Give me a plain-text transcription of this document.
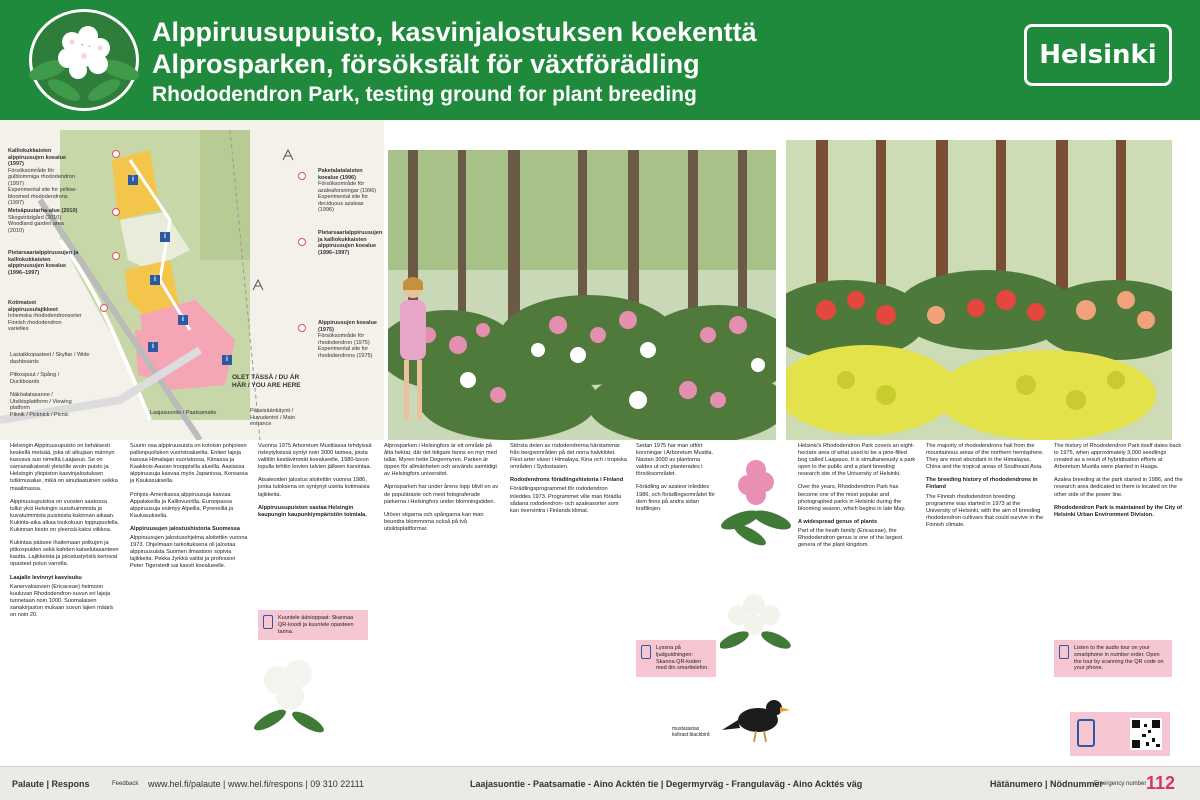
Alppiruusupuisto, kasvinjalostuksen koekenttä
Alprosparken, försöksfält för växtförädling
Rhododendron Park, testing ground for plant breeding
Helsinki
Kalliokukkaisten alppiruusujen koealue (1997)
Försöksområde för gulblommiga rhododendron (1997)
Experimental site for yellow-bloomed rhododendrons (1997)
Metsäpuutarha-alue (2010)
Skogsträdgård (2010)
Woodland garden area (2010)
Pietarsaarialppiruusujen ja kalliokukkaisten alppiruusujen koealue (1996–1997)
Kotimaiset alppiruusulajikkeet
Inhemska rhododendronsorter
Finnish rhododendron varieties
Paketalatalaisten koealue (1996)
Försöksområde för azaleaforsningar (1996)
Experimental site for deciduous azaleas (1996)
Pietarsaarialppiruusujen ja kalliokukkaisten alppiruusujen koealue (1996–1997)
Alppiruusujen koealue (1975)
Försöksområde för rhododendron (1975)
Experimental site for rhododendrons (1975)
Laajasuontie / Paatsamatie	Pääsisäänkäynti / Huvudentré / Main entrance
i
i
i
i
i
i
OLET TÄSSÄ / DU ÄR HÄR / YOU ARE HERE
Lasiaikkopasteet / Skyltar / Wide dashboards
Pitkospuut / Spång / Duckboards
Näköalatasanne / Utsiktsplattform / Viewing platform
Piknik / Picknick / Picnic
mustarastas koltrast blackbird

Helsingin Alppiruusupuisto on kehäisesti keskellä metsää, joka oli alkujaan männyn kasvava suo nimeltä Laajasuo. Se on samanaikaisesti yleisölle avoin puisto ja Helsingin yliopiston kasvinjalostuksen tutkimusalue, mikä on ainutlaatuinen seikka maailmassa.

Alppiruusupuistoa on vuosien saatossa tullut yksi Helsingin suosituimmista ja kuvatuimmista puistoista kukinnan aikaan. Kukinta-aika alkaa toukokuun loppupuolella. Kukinnan kesto on yleensä kaksi viikkoa.

Kukintaa pääsee ihailemaan polkujen ja pitkospuiden sekä kahden katselutasanteen kautta. Lajikkeista ja jalostustyöstä kertovat opasteet polun varrella.

Laajalle levinnyt kasvisuku

Kanervakasvien (Ericaceae) heimoon kuuluvan Rhododendron-suvun eri lajeja tunnetaan noin 1000. Suomalaisen sanakirjaston mukaan suvun lajien määrä on noin 20.

Suurin osa alppiruusuista on kotoisin pohjoisen pallonpuoliskon vuoristoalueilta. Eniten lajeja kasvaa Himalajan vuoristossa, Kiinassa ja Kaakkois-Aasian trooppisilla alueilla. Aasiassa alppiruusuja kasvaa myös Japanissa, Koreassa ja Kaukasuksella.

Pohjois-Amerikassa alppiruusuja kasvaa Appalakeilla ja Kalliovuorilla. Euroopassa alppiruusuja esiintyy Alpeilla, Pyreneillä ja Kaukasuksella.

Alppiruusujen jalostushistoria Suomessa

Alppiruusujen jalostusohjelma aloitettiin vuonna 1973. Ohjelmaan tarkoituksena oli jalostaa alppiruusuista Suomen ilmastoon sopivia lajikkeita. Pekka Jyrkkä valitsi ja professori Peter Tigerstedt sai kasvit koealueelle.

Vuonna 1975 Arboretum Mustilassa tehdyissä risteytyksissä syntyi noin 3000 taimea, joista valittiin kestävimmät koealueelle. 1980-luvun lopulla tehtiin kovien talvien jälkeen karsintaa.

Atsaleoiden jalostus aloitettiin vuonna 1986, jonka tuloksena on syntynyt useita kotimaisia lajikkeita.

Alppiruusupuiston sastaa Helsingin kaupungin kaupunkiympäristön toimiala.
Kuuntele äänioppaat: Skannaa QR-koodi ja kuuntele opasteen tarina.

Alprosparken i Helsingfors är ett område på åtta hektar, där det tidigare fanns en myr med tallar. Myren hette Degermyren. Parken är öppen för allmänheten och används samtidigt av Helsingfors universitet.

Alprosparken har under årens lopp blivit en av de populäraste och mest fotograferade parkerna i Helsingfors under blomningstiden.

Utöver stigarna och spångarna kan man beundra blommorna också på två utsiktsplattformar.

Största delen av rododendrerna härstammar från bergsområden på det norra halvklotet. Flest arter växer i Himalaya, Kina och i tropiska områden i Sydostasien.

Rododendrons förädlingshistoria i Finland

Förädlingsprogrammet för rododendron inleddes 1973. Programmet ville man förädla sådana rododendron- och azaleasorter som kan övervintra i Finlands klimat.

Sedan 1975 har man utfört korsningar i Arboretum Mustila. Nästan 3000 av plantorna valdes ut och planterades i försöksområdet.

Förädling av azaleor inleddes 1986, och förädlingsområdet för dem finns på andra sidan kraftlinjen.

Lyssna på ljudguidningen: Skanna QR-koden med din smarttelefon.

Helsinki's Rhododendron Park covers an eight-hectare area of what used to be a pine-filled bog called Laajasuo. It is simultaneously a park open to the public and a plant breeding research site of the University of Helsinki.

Over the years, Rhododendron Park has become one of the most popular and photographed parks in Helsinki during the blooming season, which begins in late May.

A widespread genus of plants

Part of the heath family (Ericaceae), the Rhododendron genus is one of the largest genera of the plant kingdom.

The majority of rhododendrons hail from the mountainous areas of the northern hemisphere. They are most abundant in the Himalayas, China and the tropical areas of Southeast Asia.

The breeding history of rhododendrons in Finland

The Finnish rhododendron breeding programme was started in 1973 at the University of Helsinki, with the aim of breeding rhododendron cultivars that could survive in the Finnish climate.

The history of Rhododendron Park itself dates back to 1975, when approximately 3,000 seedlings created as a result of hybridisation efforts at Arboretum Mustila were planted in Haaga.

Azalea breeding at the park started in 1986, and the research area dedicated to them is located on the other side of the power line.

Rhododendron Park is maintained by the City of Helsinki Urban Environment Division.
Listen to the audio tour on your smartphone in number order. Open the tour by scanning the QR code on your phone.
Palaute | Respons	Feedback www.hel.fi/palaute | www.hel.fi/respons | 09 310 22111	Laajasuontie - Paatsamatie - Aino Acktén tie | Degermyrväg - Frangulaväg - Aino Acktés väg	Hätänumero | Nödnummer
Emergency number 112
